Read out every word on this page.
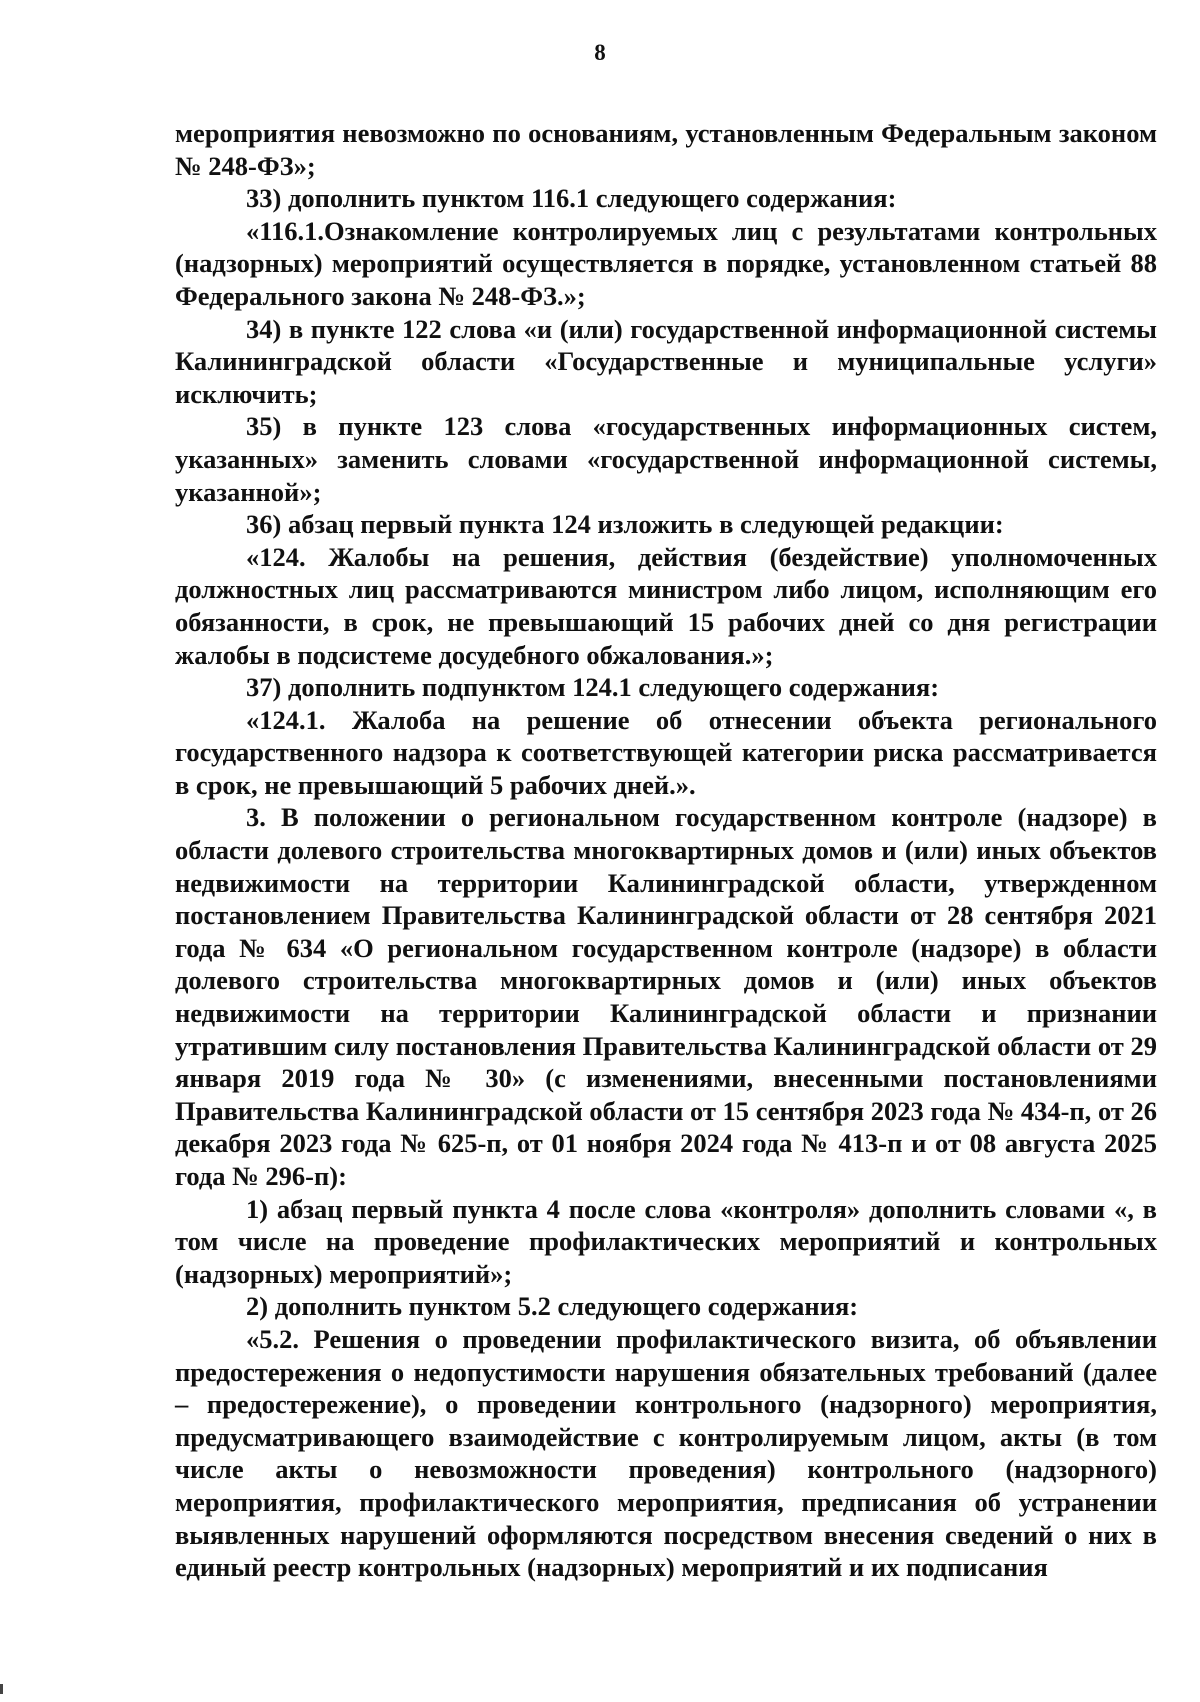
8

мероприятия невозможно по основаниям, установленным Федеральным законом № 248-ФЗ»;

33) дополнить пунктом 116.1 следующего содержания:

«116.1.Ознакомление контролируемых лиц с результатами контрольных (надзорных) мероприятий осуществляется в порядке, установленном статьей 88 Федерального закона № 248-ФЗ.»;

34) в пункте 122 слова «и (или) государственной информационной системы Калининградской области «Государственные и муниципальные услуги» исключить;

35) в пункте 123 слова «государственных информационных систем, указанных» заменить словами «государственной информационной системы, указанной»;

36) абзац первый пункта 124 изложить в следующей редакции:

«124. Жалобы на решения, действия (бездействие) уполномоченных должностных лиц рассматриваются министром либо лицом, исполняющим его обязанности, в срок, не превышающий 15 рабочих дней со дня регистрации жалобы в подсистеме досудебного обжалования.»;

37) дополнить подпунктом 124.1 следующего содержания:

«124.1. Жалоба на решение об отнесении объекта регионального государственного надзора к соответствующей категории риска рассматривается в срок, не превышающий 5 рабочих дней.».

3. В положении о региональном государственном контроле (надзоре) в области долевого строительства многоквартирных домов и (или) иных объектов недвижимости на территории Калининградской области, утвержденном постановлением Правительства Калининградской области от 28 сентября 2021 года № 634 «О региональном государственном контроле (надзоре) в области долевого строительства многоквартирных домов и (или) иных объектов недвижимости на территории Калининградской области и признании утратившим силу постановления Правительства Калининградской области от 29 января 2019 года № 30» (с изменениями, внесенными постановлениями Правительства Калининградской области от 15 сентября 2023 года № 434-п, от 26 декабря 2023 года № 625-п, от 01 ноября 2024 года № 413-п и от 08 августа 2025 года № 296-п):

1) абзац первый пункта 4 после слова «контроля» дополнить словами «, в том числе на проведение профилактических мероприятий и контрольных (надзорных) мероприятий»;

2) дополнить пунктом 5.2 следующего содержания:

«5.2. Решения о проведении профилактического визита, об объявлении предостережения о недопустимости нарушения обязательных требований (далее – предостережение), о проведении контрольного (надзорного) мероприятия, предусматривающего взаимодействие с контролируемым лицом, акты (в том числе акты о невозможности проведения) контрольного (надзорного) мероприятия, профилактического мероприятия, предписания об устранении выявленных нарушений оформляются посредством внесения сведений о них в единый реестр контрольных (надзорных) мероприятий и их подписания
